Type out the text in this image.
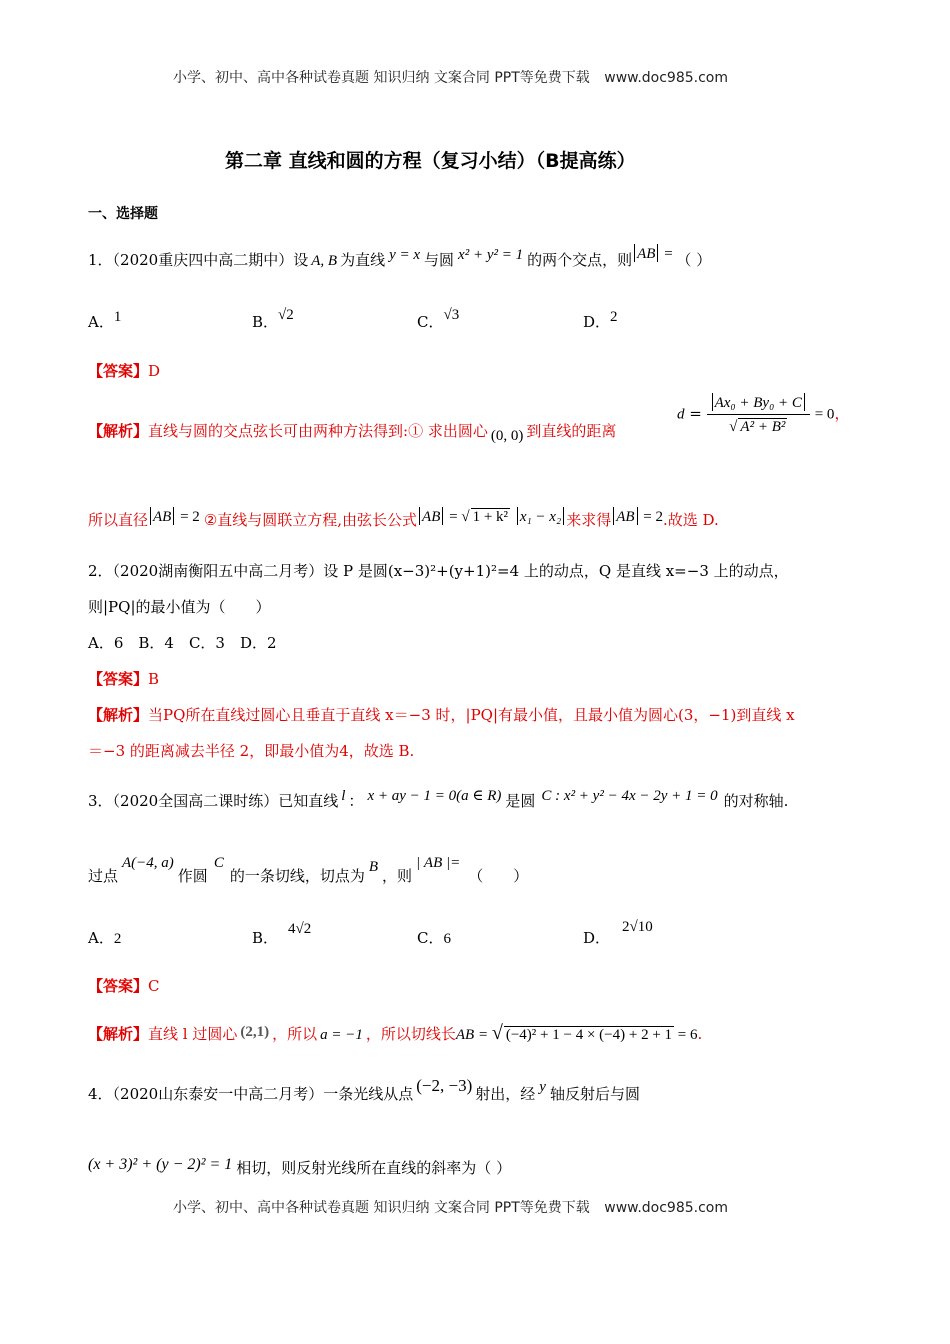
小学、初中、高中各种试卷真题 知识归纳 文案合同 PPT等免费下载 www.doc985.com
第二章 直线和圆的方程（复习小结）（B提高练）
一、选择题
1．（2020重庆四中高二期中）设 A, B 为直线 y = x 与圆 x² + y² = 1 的两个交点，则 AB = （ ）
A．1	B．√2	C．√3	D．2
【答案】D
【解析】直线与圆的交点弦长可由两种方法得到:① 求出圆心 (0, 0) 到直线的距离
$d = \frac{\text{Ax₀ + By₀ + C}}{\text{√ A² + B²}} = 0$，
所以直径 AB = 2 ②直线与圆联立方程,由弦长公式 AB = √ 1 + k² x₁ − x₂ 来求得 AB = 2.故选 D.
2．（2020湖南衡阳五中高二月考）设 P 是圆(x−3)²+(y+1)²=4 上的动点，Q 是直线 x=−3 上的动点，
则|PQ|的最小值为（　　）
A．6　B．4　C．3　D．2
【答案】B
【解析】当PQ所在直线过圆心且垂直于直线 x＝−3 时，|PQ|有最小值，且最小值为圆心(3，−1)到直线 x
＝−3 的距离减去半径 2，即最小值为4，故选 B.
3．（2020全国高二课时练）已知直线 l ： x + ay − 1 = 0(a ∈ R) 是圆 C : x² + y² − 4x − 2y + 1 = 0 的对称轴.
过点A(−4, a)作圆C的一条切线，切点为 B ，则| AB |=（　　）
A．2	B． 4√2	C．6	D．2√10
【答案】C
【解析】直线 l 过圆心 (2,1) ，所以 a = −1 ，所以切线长AB = √ (−4)² + 1 − 4 × (−4) + 2 + 1 = 6.
4．（2020山东泰安一中高二月考）一条光线从点 (−2, −3) 射出，经 y 轴反射后与圆
(x + 3)² + (y − 2)² = 1 相切，则反射光线所在直线的斜率为（ ）
小学、初中、高中各种试卷真题 知识归纳 文案合同 PPT等免费下载 www.doc985.com
